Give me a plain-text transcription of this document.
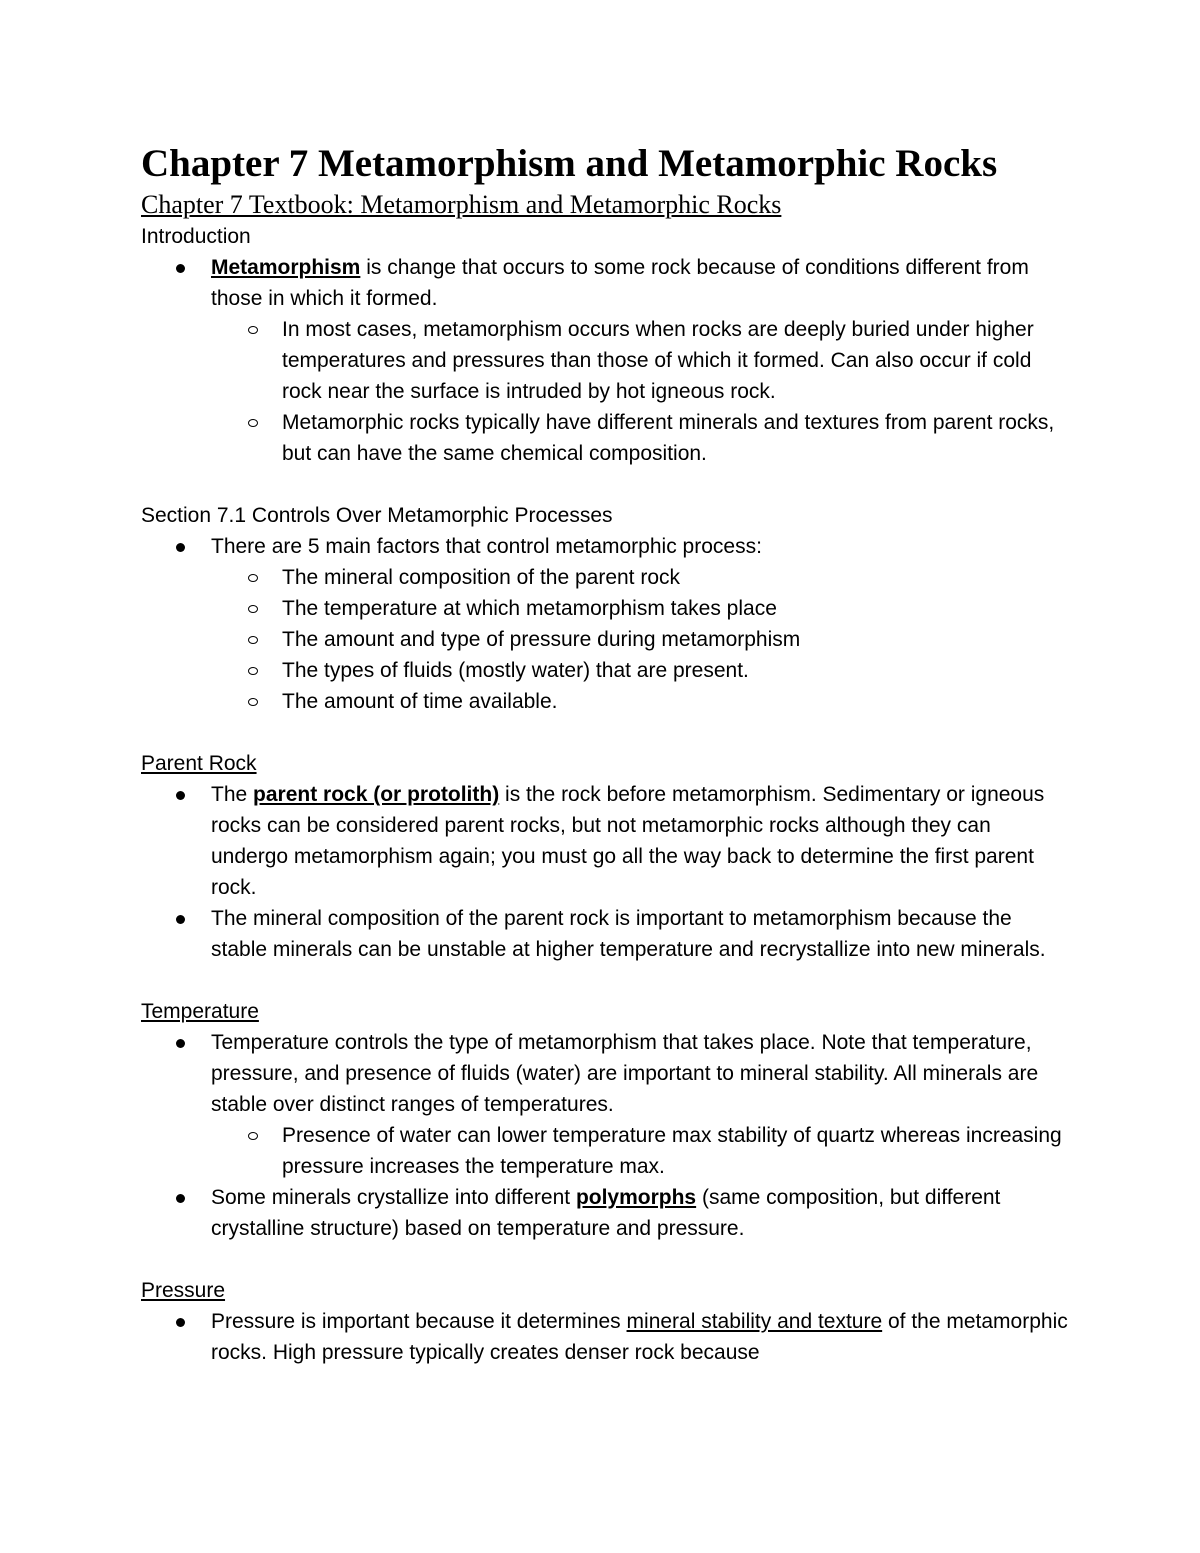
Chapter 7 Metamorphism and Metamorphic Rocks
Chapter 7 Textbook: Metamorphism and Metamorphic Rocks
Introduction
Metamorphism is change that occurs to some rock because of conditions different from those in which it formed.
In most cases, metamorphism occurs when rocks are deeply buried under higher temperatures and pressures than those of which it formed. Can also occur if cold rock near the surface is intruded by hot igneous rock.
Metamorphic rocks typically have different minerals and textures from parent rocks, but can have the same chemical composition.
Section 7.1 Controls Over Metamorphic Processes
There are 5 main factors that control metamorphic process:
The mineral composition of the parent rock
The temperature at which metamorphism takes place
The amount and type of pressure during metamorphism
The types of fluids (mostly water) that are present.
The amount of time available.
Parent Rock
The parent rock (or protolith) is the rock before metamorphism. Sedimentary or igneous rocks can be considered parent rocks, but not metamorphic rocks although they can undergo metamorphism again; you must go all the way back to determine the first parent rock.
The mineral composition of the parent rock is important to metamorphism because the stable minerals can be unstable at higher temperature and recrystallize into new minerals.
Temperature
Temperature controls the type of metamorphism that takes place. Note that temperature, pressure, and presence of fluids (water) are important to mineral stability. All minerals are stable over distinct ranges of temperatures.
Presence of water can lower temperature max stability of quartz whereas increasing pressure increases the temperature max.
Some minerals crystallize into different polymorphs (same composition, but different crystalline structure) based on temperature and pressure.
Pressure
Pressure is important because it determines mineral stability and texture of the metamorphic rocks. High pressure typically creates denser rock because
